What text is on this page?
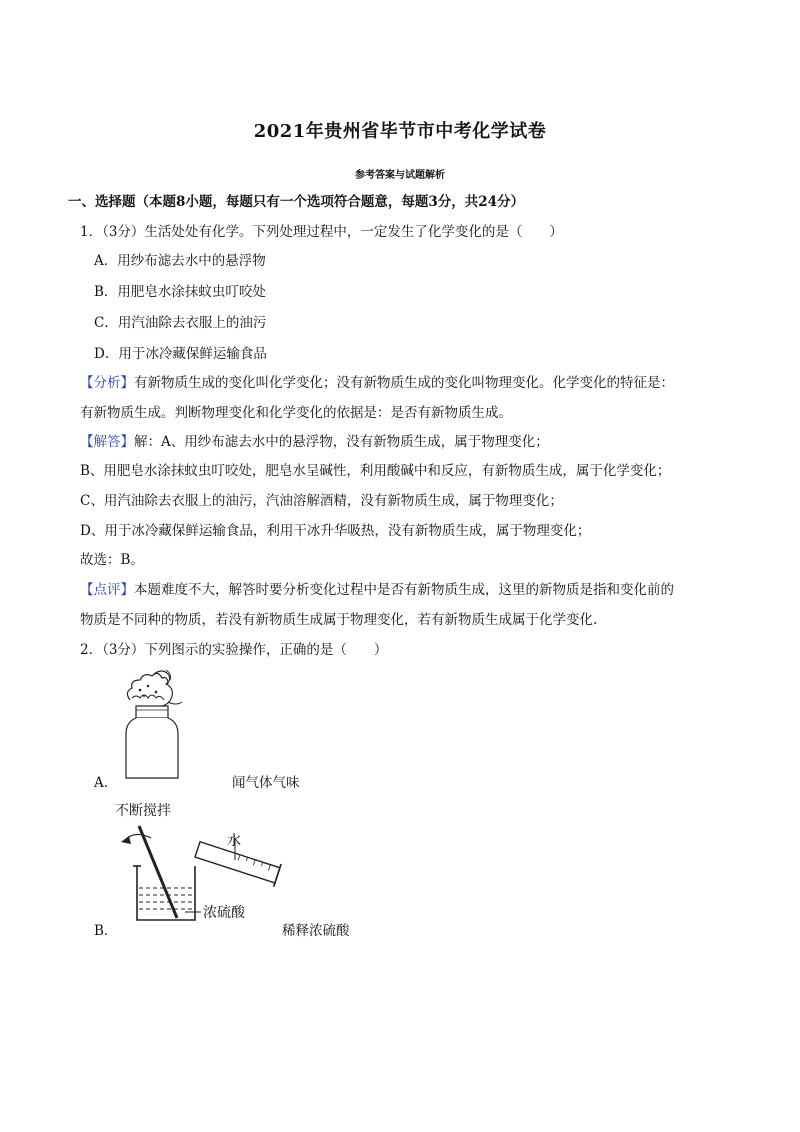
2021年贵州省毕节市中考化学试卷
参考答案与试题解析
一、选择题（本题8小题，每题只有一个选项符合题意，每题3分，共24分）
1．（3分）生活处处有化学。下列处理过程中，一定发生了化学变化的是（　　）
A．用纱布滤去水中的悬浮物
B．用肥皂水涂抹蚊虫叮咬处
C．用汽油除去衣服上的油污
D．用于冰冷藏保鲜运输食品
【分析】有新物质生成的变化叫化学变化；没有新物质生成的变化叫物理变化。化学变化的特征是：
有新物质生成。判断物理变化和化学变化的依据是：是否有新物质生成。
【解答】解：A、用纱布滤去水中的悬浮物，没有新物质生成，属于物理变化；
B、用肥皂水涂抹蚊虫叮咬处，肥皂水呈碱性，利用酸碱中和反应，有新物质生成，属于化学变化；
C、用汽油除去衣服上的油污，汽油溶解酒精，没有新物质生成，属于物理变化；
D、用于冰冷藏保鲜运输食品，利用干冰升华吸热，没有新物质生成，属于物理变化；
故选：B。
【点评】本题难度不大，解答时要分析变化过程中是否有新物质生成，这里的新物质是指和变化前的
物质是不同种的物质，若没有新物质生成属于物理变化，若有新物质生成属于化学变化.
2．（3分）下列图示的实验操作，正确的是（　　）
A．	闻气体气味
不断搅拌
水
浓硫酸
B．	稀释浓硫酸
